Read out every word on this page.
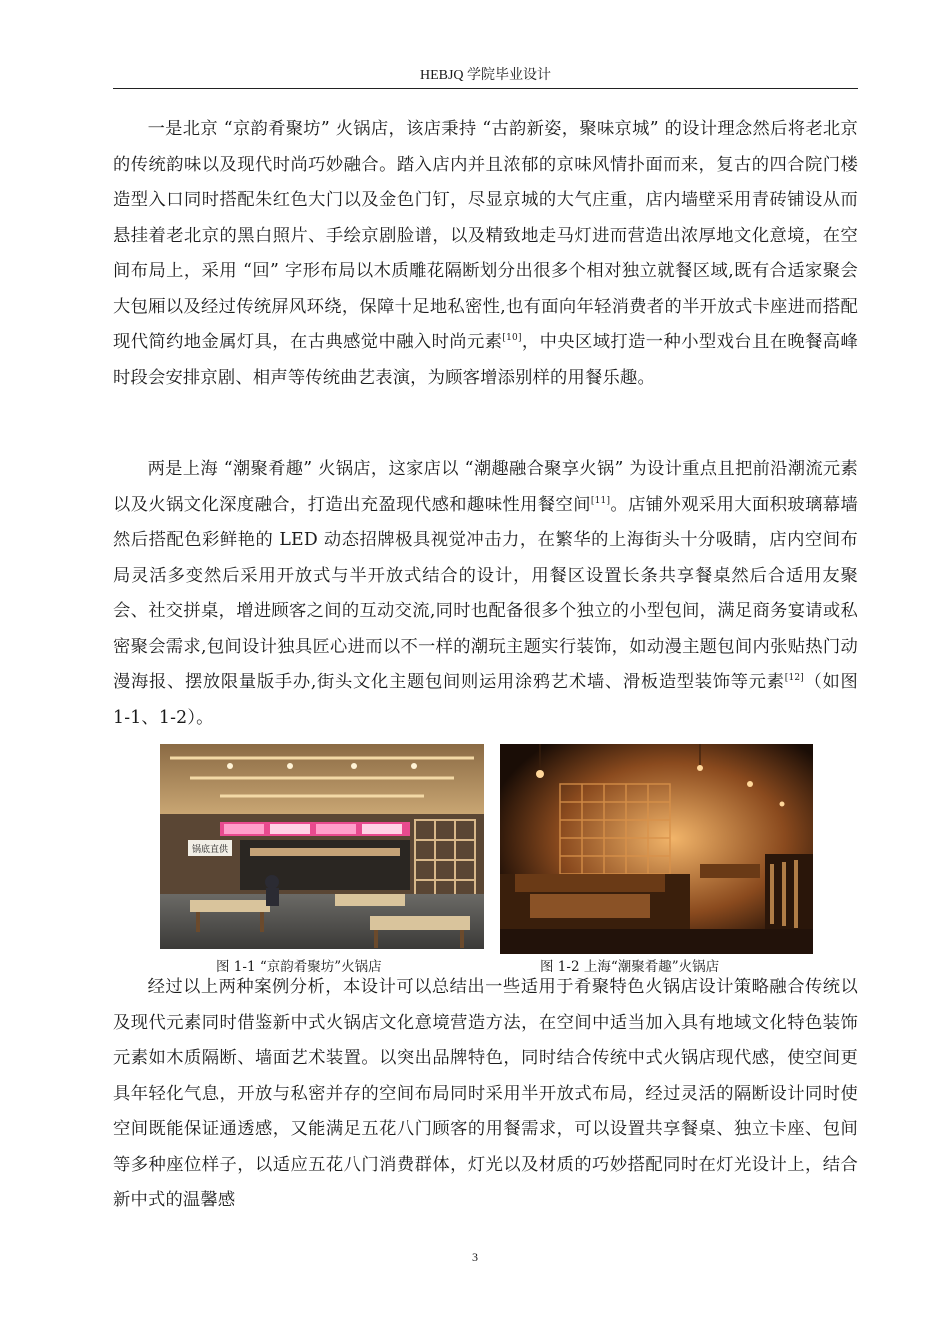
HEBJQ 学院毕业设计

一是北京 “京韵肴聚坊” 火锅店，该店秉持 “古韵新姿，聚味京城” 的设计理念然后将老北京的传统韵味以及现代时尚巧妙融合。踏入店内并且浓郁的京味风情扑面而来，复古的四合院门楼造型入口同时搭配朱红色大门以及金色门钉，尽显京城的大气庄重，店内墙壁采用青砖铺设从而悬挂着老北京的黑白照片、手绘京剧脸谱，以及精致地走马灯进而营造出浓厚地文化意境，在空间布局上，采用 “回” 字形布局以木质雕花隔断划分出很多个相对独立就餐区域,既有合适家聚会大包厢以及经过传统屏风环绕，保障十足地私密性,也有面向年轻消费者的半开放式卡座进而搭配现代简约地金属灯具，在古典感觉中融入时尚元素[10]，中央区域打造一种小型戏台且在晚餐高峰时段会安排京剧、相声等传统曲艺表演，为顾客增添别样的用餐乐趣。

两是上海 “潮聚肴趣” 火锅店，这家店以 “潮趣融合聚享火锅” 为设计重点且把前沿潮流元素以及火锅文化深度融合，打造出充盈现代感和趣味性用餐空间[11]。店铺外观采用大面积玻璃幕墙然后搭配色彩鲜艳的 LED 动态招牌极具视觉冲击力，在繁华的上海街头十分吸睛，店内空间布局灵活多变然后采用开放式与半开放式结合的设计，用餐区设置长条共享餐桌然后合适用友聚会、社交拼桌，增进顾客之间的互动交流,同时也配备很多个独立的小型包间，满足商务宴请或私密聚会需求,包间设计独具匠心进而以不一样的潮玩主题实行装饰，如动漫主题包间内张贴热门动漫海报、摆放限量版手办,街头文化主题包间则运用涂鸦艺术墙、滑板造型装饰等元素[12]（如图 1-1、1-2）。

锅底直供
图 1-1 “京韵肴聚坊”火锅店	图 1-2 上海“潮聚肴趣”火锅店

经过以上两种案例分析，本设计可以总结出一些适用于肴聚特色火锅店设计策略融合传统以及现代元素同时借鉴新中式火锅店文化意境营造方法，在空间中适当加入具有地域文化特色装饰元素如木质隔断、墙面艺术装置。以突出品牌特色，同时结合传统中式火锅店现代感，使空间更具年轻化气息，开放与私密并存的空间布局同时采用半开放式布局，经过灵活的隔断设计同时使空间既能保证通透感，又能满足五花八门顾客的用餐需求，可以设置共享餐桌、独立卡座、包间等多种座位样子，以适应五花八门消费群体，灯光以及材质的巧妙搭配同时在灯光设计上，结合新中式的温馨感

3
